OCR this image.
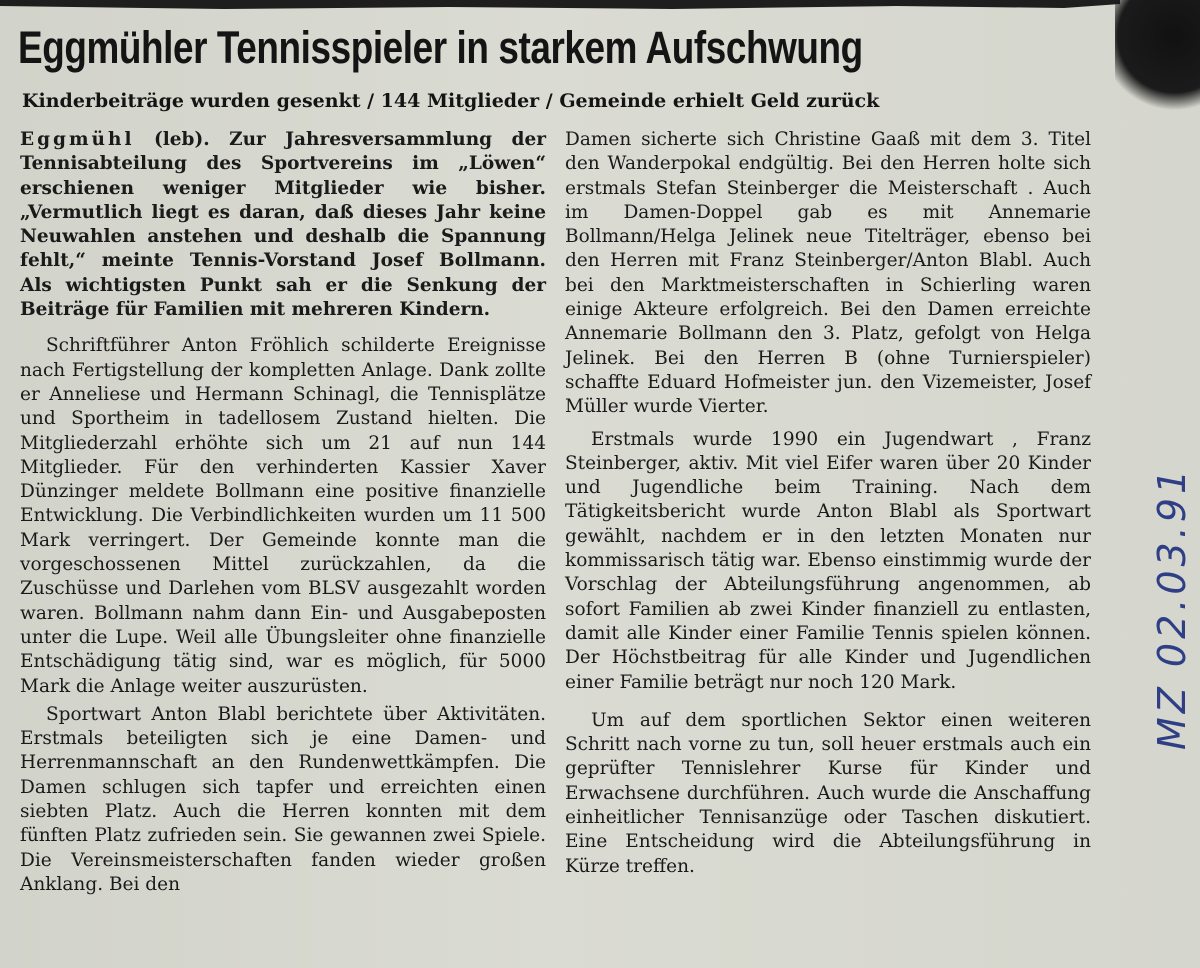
Eggmühler Tennisspieler in starkem Aufschwung
Kinderbeiträge wurden gesenkt / 144 Mitglieder / Gemeinde erhielt Geld zurück

Eggmühl (leb). Zur Jahresversammlung der Tennisabteilung des Sportvereins im „Löwen“ erschienen weniger Mitglieder wie bisher. „Vermutlich liegt es daran, daß dieses Jahr keine Neuwahlen anstehen und deshalb die Spannung fehlt,“ meinte Tennis-Vorstand Josef Bollmann. Als wichtigsten Punkt sah er die Senkung der Beiträge für Familien mit mehreren Kindern.

Schriftführer Anton Fröhlich schilderte Ereignisse nach Fertigstellung der kompletten Anlage. Dank zollte er Anneliese und Hermann Schinagl, die Tennisplätze und Sportheim in tadellosem Zustand hielten. Die Mitgliederzahl erhöhte sich um 21 auf nun 144 Mitglieder. Für den verhinderten Kassier Xaver Dünzinger meldete Bollmann eine positive finanzielle Entwicklung. Die Verbindlichkeiten wurden um 11 500 Mark verringert. Der Gemeinde konnte man die vorgeschossenen Mittel zurückzahlen, da die Zuschüsse und Darlehen vom BLSV ausgezahlt worden waren. Bollmann nahm dann Ein- und Ausgabeposten unter die Lupe. Weil alle Übungsleiter ohne finanzielle Entschädigung tätig sind, war es möglich, für 5000 Mark die Anlage weiter auszurüsten.

Sportwart Anton Blabl berichtete über Aktivitäten. Erstmals beteiligten sich je eine Damen- und Herrenmannschaft an den Rundenwettkämpfen. Die Damen schlugen sich tapfer und erreichten einen siebten Platz. Auch die Herren konnten mit dem fünften Platz zufrieden sein. Sie gewannen zwei Spiele. Die Vereinsmeisterschaften fanden wieder großen Anklang. Bei den

Damen sicherte sich Christine Gaaß mit dem 3. Titel den Wanderpokal endgültig. Bei den Herren holte sich erstmals Stefan Steinberger die Meisterschaft . Auch im Damen-Doppel gab es mit Annemarie Bollmann/Helga Jelinek neue Titelträger, ebenso bei den Herren mit Franz Steinberger/Anton Blabl. Auch bei den Marktmeisterschaften in Schierling waren einige Akteure erfolgreich. Bei den Damen erreichte Annemarie Bollmann den 3. Platz, gefolgt von Helga Jelinek. Bei den Herren B (ohne Turnierspieler) schaffte Eduard Hofmeister jun. den Vizemeister, Josef Müller wurde Vierter.

Erstmals wurde 1990 ein Jugendwart , Franz Steinberger, aktiv. Mit viel Eifer waren über 20 Kinder und Jugendliche beim Training. Nach dem Tätigkeitsbericht wurde Anton Blabl als Sportwart gewählt, nachdem er in den letzten Monaten nur kommissarisch tätig war. Ebenso einstimmig wurde der Vorschlag der Abteilungsführung angenommen, ab sofort Familien ab zwei Kinder finanziell zu entlasten, damit alle Kinder einer Familie Tennis spielen können. Der Höchstbeitrag für alle Kinder und Jugendlichen einer Familie beträgt nur noch 120 Mark.

Um auf dem sportlichen Sektor einen weiteren Schritt nach vorne zu tun, soll heuer erstmals auch ein geprüfter Tennislehrer Kurse für Kinder und Erwachsene durchführen. Auch wurde die Anschaffung einheitlicher Tennisanzüge oder Taschen diskutiert. Eine Entscheidung wird die Abteilungsführung in Kürze treffen.

MZ 02.03.91
